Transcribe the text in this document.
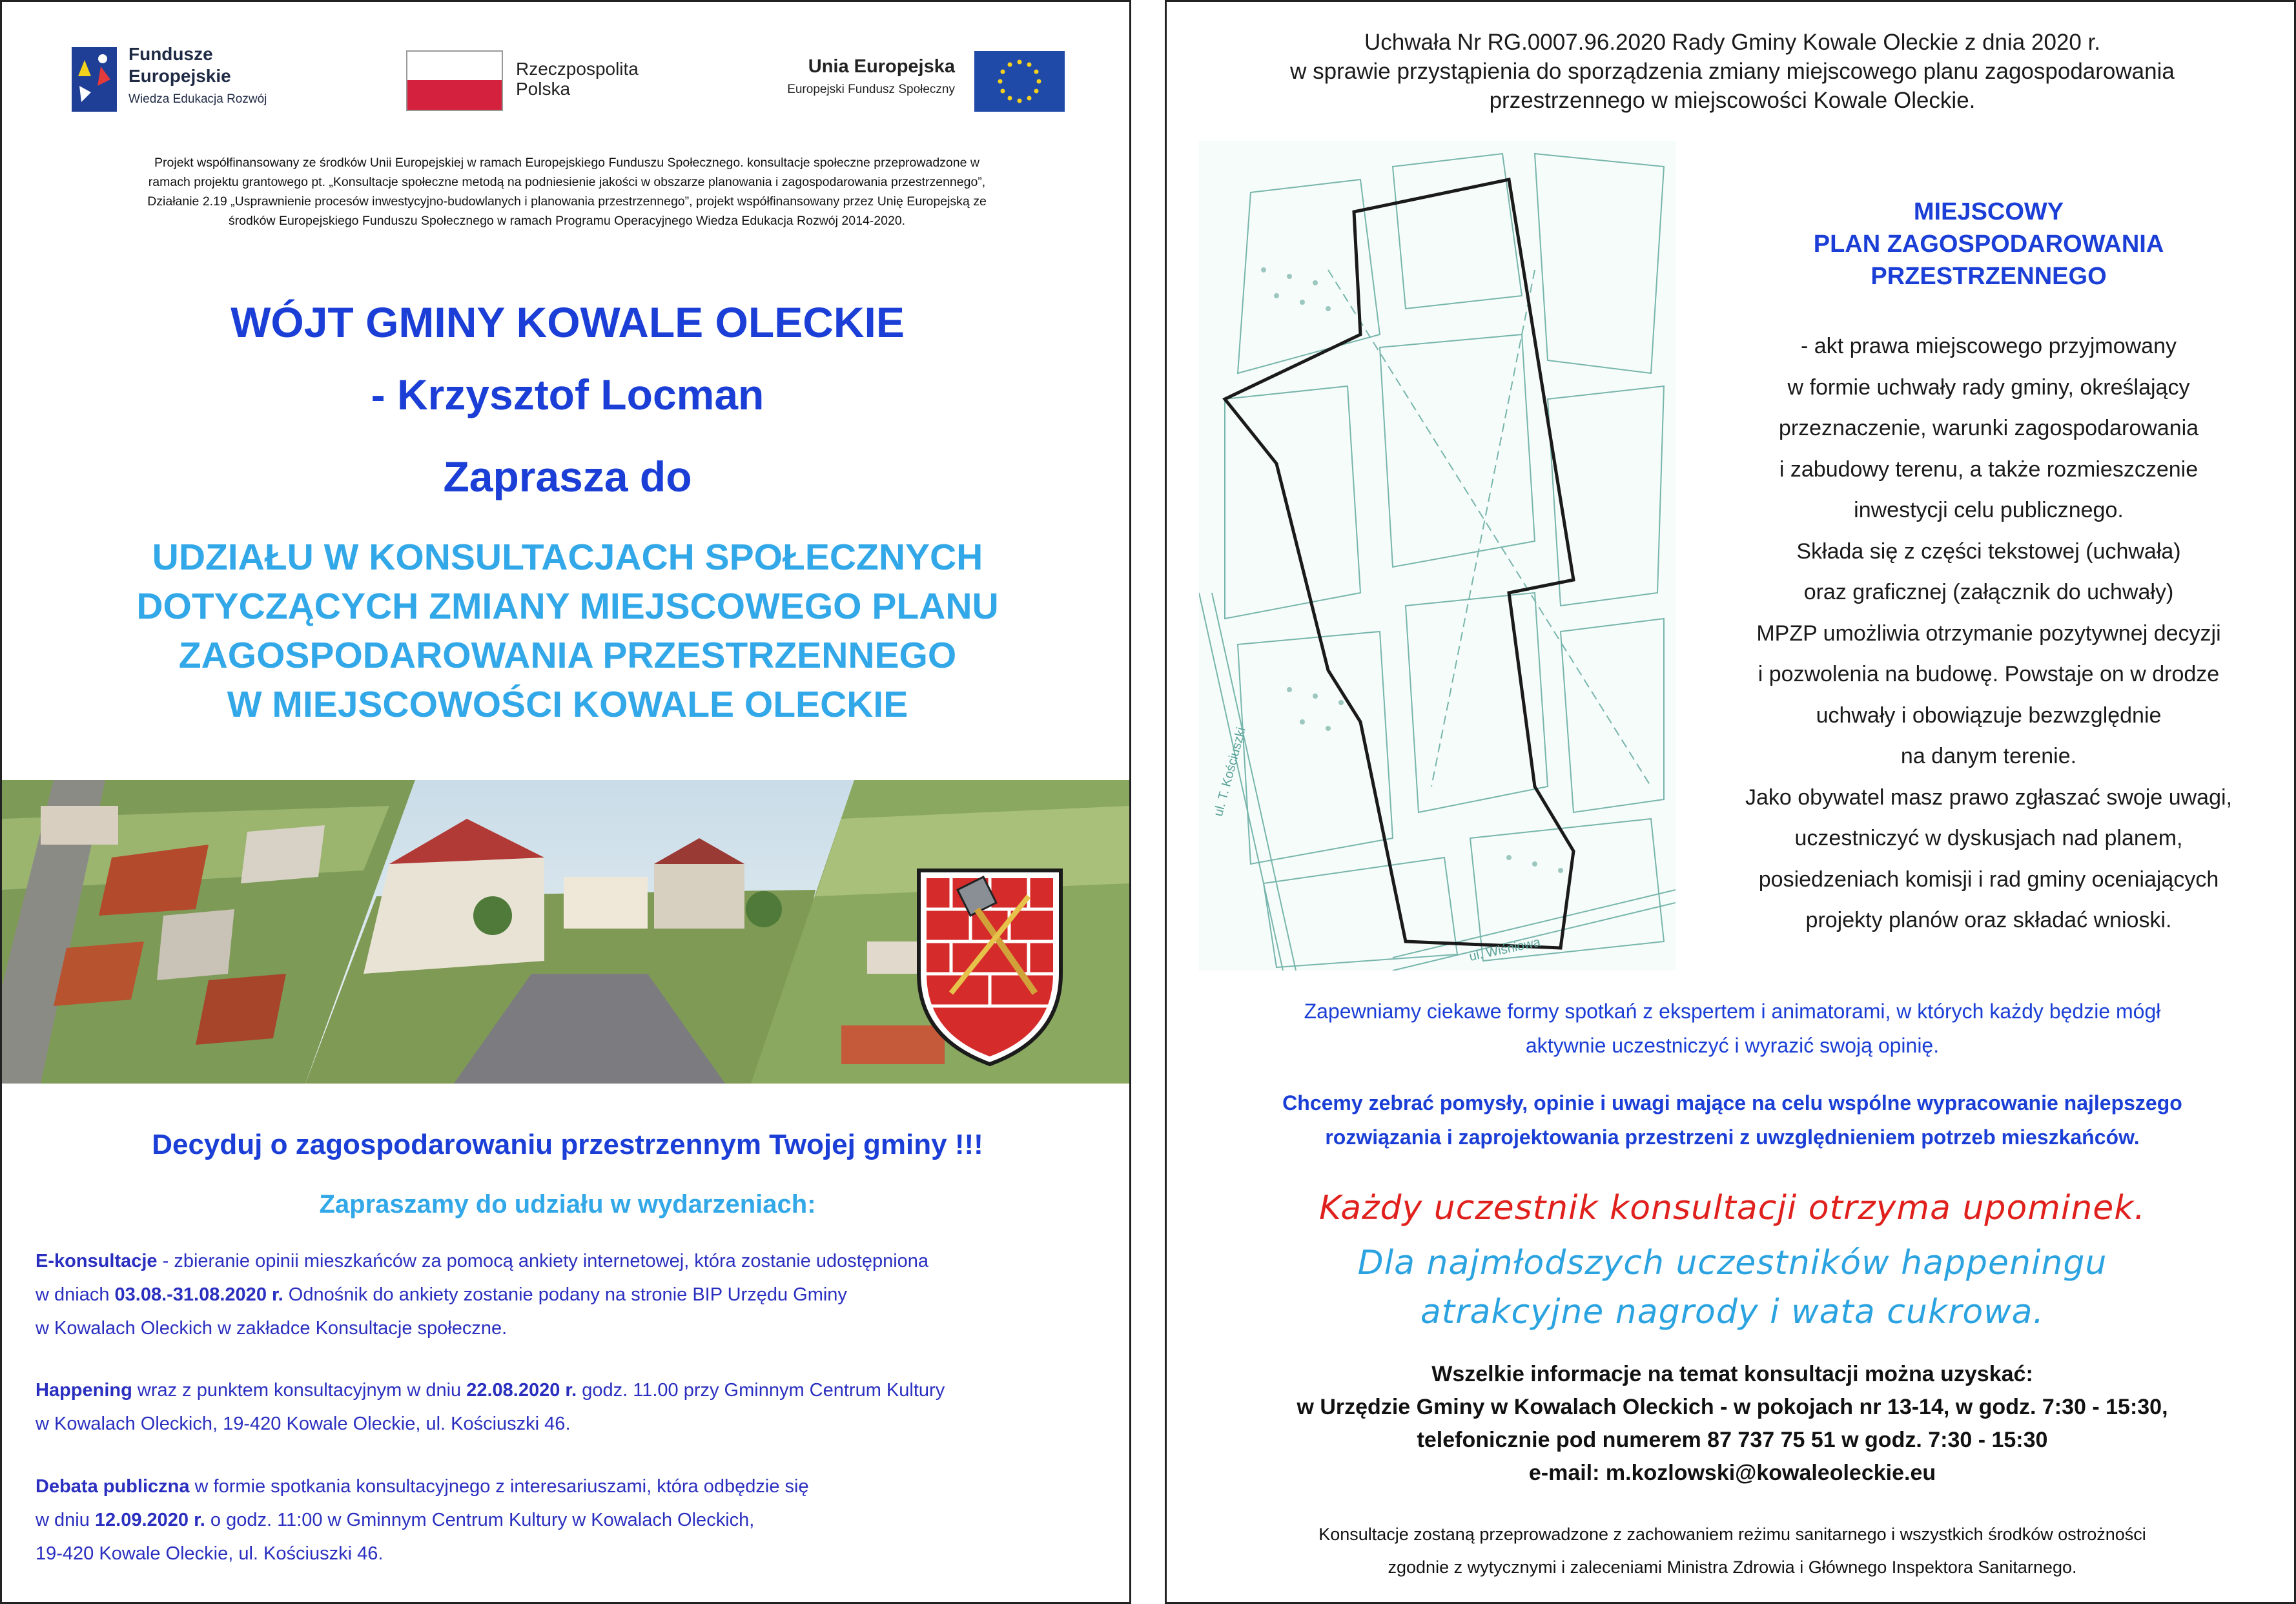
Fundusze
Europejskie
Wiedza Edukacja Rozwój
Rzeczpospolita
Polska
Unia Europejska
Europejski Fundusz Społeczny
Projekt współfinansowany ze środków Unii Europejskiej w ramach Europejskiego Funduszu Społecznego. konsultacje społeczne przeprowadzone w
ramach projektu grantowego pt. „Konsultacje społeczne metodą na podniesienie jakości w obszarze planowania i zagospodarowania przestrzennego”,
Działanie 2.19 „Usprawnienie procesów inwestycyjno-budowlanych i planowania przestrzennego”, projekt współfinansowany przez Unię Europejską ze
środków Europejskiego Funduszu Społecznego w ramach Programu Operacyjnego Wiedza Edukacja Rozwój 2014-2020.
WÓJT GMINY KOWALE OLECKIE
- Krzysztof Locman
Zaprasza do
UDZIAŁU W KONSULTACJACH SPOŁECZNYCH
DOTYCZĄCYCH ZMIANY MIEJSCOWEGO PLANU
ZAGOSPODAROWANIA PRZESTRZENNEGO
W MIEJSCOWOŚCI KOWALE OLECKIE
Decyduj o zagospodarowaniu przestrzennym Twojej gminy !!!
Zapraszamy do udziału w wydarzeniach:
E-konsultacje - zbieranie opinii mieszkańców za pomocą ankiety internetowej, która zostanie udostępniona
w dniach 03.08.-31.08.2020 r. Odnośnik do ankiety zostanie podany na stronie BIP Urzędu Gminy
w Kowalach Oleckich w zakładce Konsultacje społeczne.
Happening wraz z punktem konsultacyjnym w dniu 22.08.2020 r. godz. 11.00 przy Gminnym Centrum Kultury
w Kowalach Oleckich, 19-420 Kowale Oleckie, ul. Kościuszki 46.
Debata publiczna w formie spotkania konsultacyjnego z interesariuszami, która odbędzie się
w dniu 12.09.2020 r. o godz. 11:00 w Gminnym Centrum Kultury w Kowalach Oleckich,
19-420 Kowale Oleckie, ul. Kościuszki 46.
Uchwała Nr RG.0007.96.2020 Rady Gminy Kowale Oleckie z dnia 2020 r.
w sprawie przystąpienia do sporządzenia zmiany miejscowego planu zagospodarowania
przestrzennego w miejscowości Kowale Oleckie.
ul. T. Kościuszki
ul. Wiśniowa
MIEJSCOWY
PLAN ZAGOSPODAROWANIA
PRZESTRZENNEGO
- akt prawa miejscowego przyjmowany
w formie uchwały rady gminy, określający
przeznaczenie, warunki zagospodarowania
i zabudowy terenu, a także rozmieszczenie
inwestycji celu publicznego.
Składa się z części tekstowej (uchwała)
oraz graficznej (załącznik do uchwały)
MPZP umożliwia otrzymanie pozytywnej decyzji
i pozwolenia na budowę. Powstaje on w drodze
uchwały i obowiązuje bezwzględnie
na danym terenie.
Jako obywatel masz prawo zgłaszać swoje uwagi,
uczestniczyć w dyskusjach nad planem,
posiedzeniach komisji i rad gminy oceniających
projekty planów oraz składać wnioski.
Zapewniamy ciekawe formy spotkań z ekspertem i animatorami, w których każdy będzie mógł
aktywnie uczestniczyć i wyrazić swoją opinię.
Chcemy zebrać pomysły, opinie i uwagi mające na celu wspólne wypracowanie najlepszego
rozwiązania i zaprojektowania przestrzeni z uwzględnieniem potrzeb mieszkańców.
Każdy uczestnik konsultacji otrzyma upominek.
Dla najmłodszych uczestników happeningu
atrakcyjne nagrody i wata cukrowa.
Wszelkie informacje na temat konsultacji można uzyskać:
w Urzędzie Gminy w Kowalach Oleckich - w pokojach nr 13-14, w godz. 7:30 - 15:30,
telefonicznie pod numerem 87 737 75 51 w godz. 7:30 - 15:30
e-mail: m.kozlowski@kowaleoleckie.eu
Konsultacje zostaną przeprowadzone z zachowaniem reżimu sanitarnego i wszystkich środków ostrożności
zgodnie z wytycznymi i zaleceniami Ministra Zdrowia i Głównego Inspektora Sanitarnego.
